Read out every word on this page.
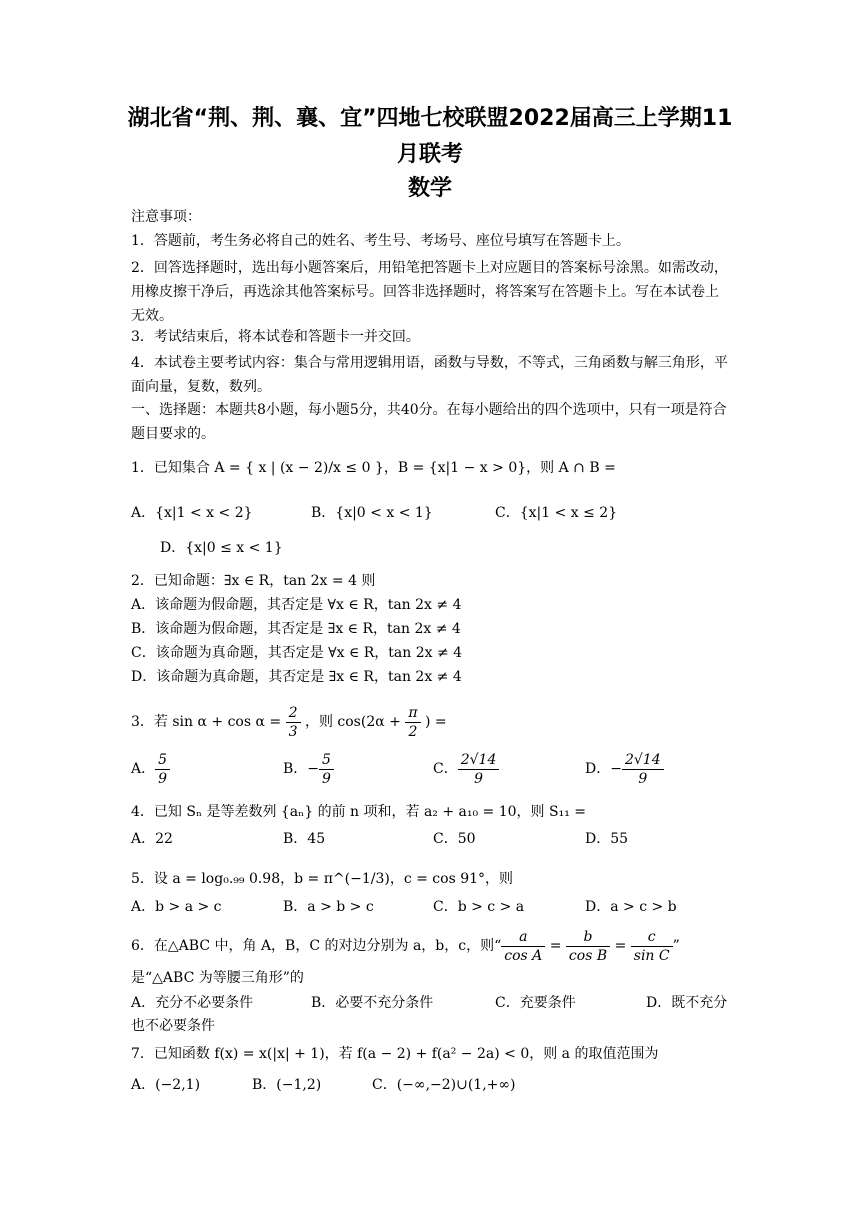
湖北省“荆、荆、襄、宜”四地七校联盟2022届高三上学期11
月联考
数学
注意事项：
1．答题前，考生务必将自己的姓名、考生号、考场号、座位号填写在答题卡上。
2．回答选择题时，选出每小题答案后，用铅笔把答题卡上对应题目的答案标号涂黑。如需改动，用橡皮擦干净后，再选涂其他答案标号。回答非选择题时，将答案写在答题卡上。写在本试卷上无效。
3．考试结束后，将本试卷和答题卡一并交回。
4．本试卷主要考试内容：集合与常用逻辑用语，函数与导数，不等式，三角函数与解三角形，平面向量，复数，数列。
一、选择题：本题共8小题，每小题5分，共40分。在每小题给出的四个选项中，只有一项是符合题目要求的。
1．已知集合 A = { x | (x − 2)/x ≤ 0 }，B = {x|1 − x > 0}，则 A ∩ B =
A．{x|1 < x < 2}	B．{x|0 < x < 1}	C．{x|1 < x ≤ 2}
D．{x|0 ≤ x < 1}
2．已知命题：∃x ∈ R，tan 2x = 4 则
A．该命题为假命题，其否定是 ∀x ∈ R，tan 2x ≠ 4
B．该命题为假命题，其否定是 ∃x ∈ R，tan 2x ≠ 4
C．该命题为真命题，其否定是 ∀x ∈ R，tan 2x ≠ 4
D．该命题为真命题，其否定是 ∃x ∈ R，tan 2x ≠ 4
3．若 $\sin \alpha + \cos \alpha = \frac{2}{3}$ ，则 $\cos(2\alpha + \frac{\pi}{2}$ ) =
A． $\frac{5}{9}$	B．− $\frac{5}{9}$	C． $\frac{2√14}{9}$	D．− $\frac{2√14}{9}$
4．已知 Sₙ 是等差数列 {aₙ} 的前 n 项和，若 a₂ + a₁₀ = 10，则 S₁₁ =
A．22	B．45	C．50	D．55
5．设 a = log₀.₉₉ 0.98，b = π^(−1/3)，c = cos 91°，则
A．b > a > c	B．a > b > c	C．b > c > a	D．a > c > b
6．在△ABC 中，角 A，B，C 的对边分别为 a，b，c，则“ $\frac{a}{\text{cos A}} = \frac{b}{\text{cos B}} = \frac{c}{\text{sin C}}$ ”
是“△ABC 为等腰三角形”的
A．充分不必要条件	B．必要不充分条件	C．充要条件	D．既不充分
也不必要条件
7．已知函数 f(x) = x(|x| + 1)，若 f(a − 2) + f(a² − 2a) < 0，则 a 的取值范围为
A．(−2,1)	B．(−1,2)	C．(−∞,−2)∪(1,+∞)
